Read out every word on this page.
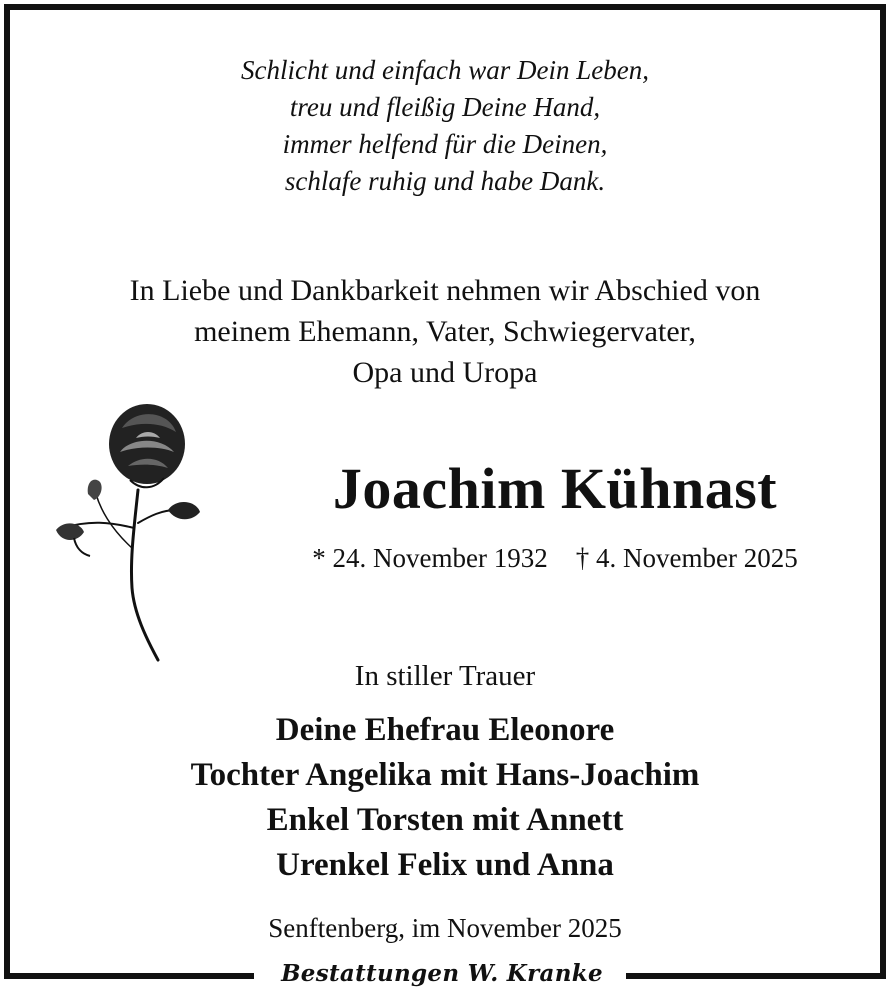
Schlicht und einfach war Dein Leben,
treu und fleißig Deine Hand,
immer helfend für die Deinen,
schlafe ruhig und habe Dank.
In Liebe und Dankbarkeit nehmen wir Abschied von
meinem Ehemann, Vater, Schwiegervater,
Opa und Uropa
Joachim Kühnast
* 24. November 1932 † 4. November 2025
In stiller Trauer
Deine Ehefrau Eleonore
Tochter Angelika mit Hans-Joachim
Enkel Torsten mit Annett
Urenkel Felix und Anna
Senftenberg, im November 2025
Bestattungen W. Kranke
